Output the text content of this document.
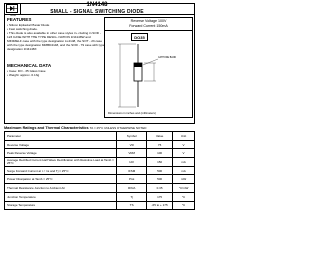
JGD
1N4148
SMALL - SIGNAL SWITCHING DIODE
FEATURES
• Silicon Epitaxial Planar Diode
• Fast switching diode.
• This diode is also available in other case styles in- cluding in SOD - 123 CASE WITH THE TYPE DESIG- NATION 1N4148W and MINIMELF case with the type designation LL4148, the SOT - 23 case with the type designation MMBD4148, and the SOD - 79 case with type designation 1N4148X
MECHANICAL DATA
• Case: DO - 35 Glass Case
• Weight: approx. 0.13g
Reverse Voltage 100V
Forward Current 150mA
DO35
CATHODE BAND
Dimensions in inches and (millimeters)
Maximum Ratings and Thermal Characteristics TA = 25°C UNLESS OTHERWISE NOTED
Parameter	Symbol	Value	Unit
Reverse Voltage	VR	75	V
Peak Reverse Voltage	VRM	100	V
Average Rectified Current Half Wave Rectification with Resistive Load at Tamb = 25°C	IAV	150	mA
Surge Forward Current at t < 1s and Tj = 25°C	IFSM	500	mA
Power Dissipation at Tamb = 25°C	Ptot	500	mW
Thermal Resistance Junction to Ambient Air	RθJA	0.35	°C/mW
Junction Temperature	Tj	175	°C
Storage Temperature	TS	-65 to + 175	°C
